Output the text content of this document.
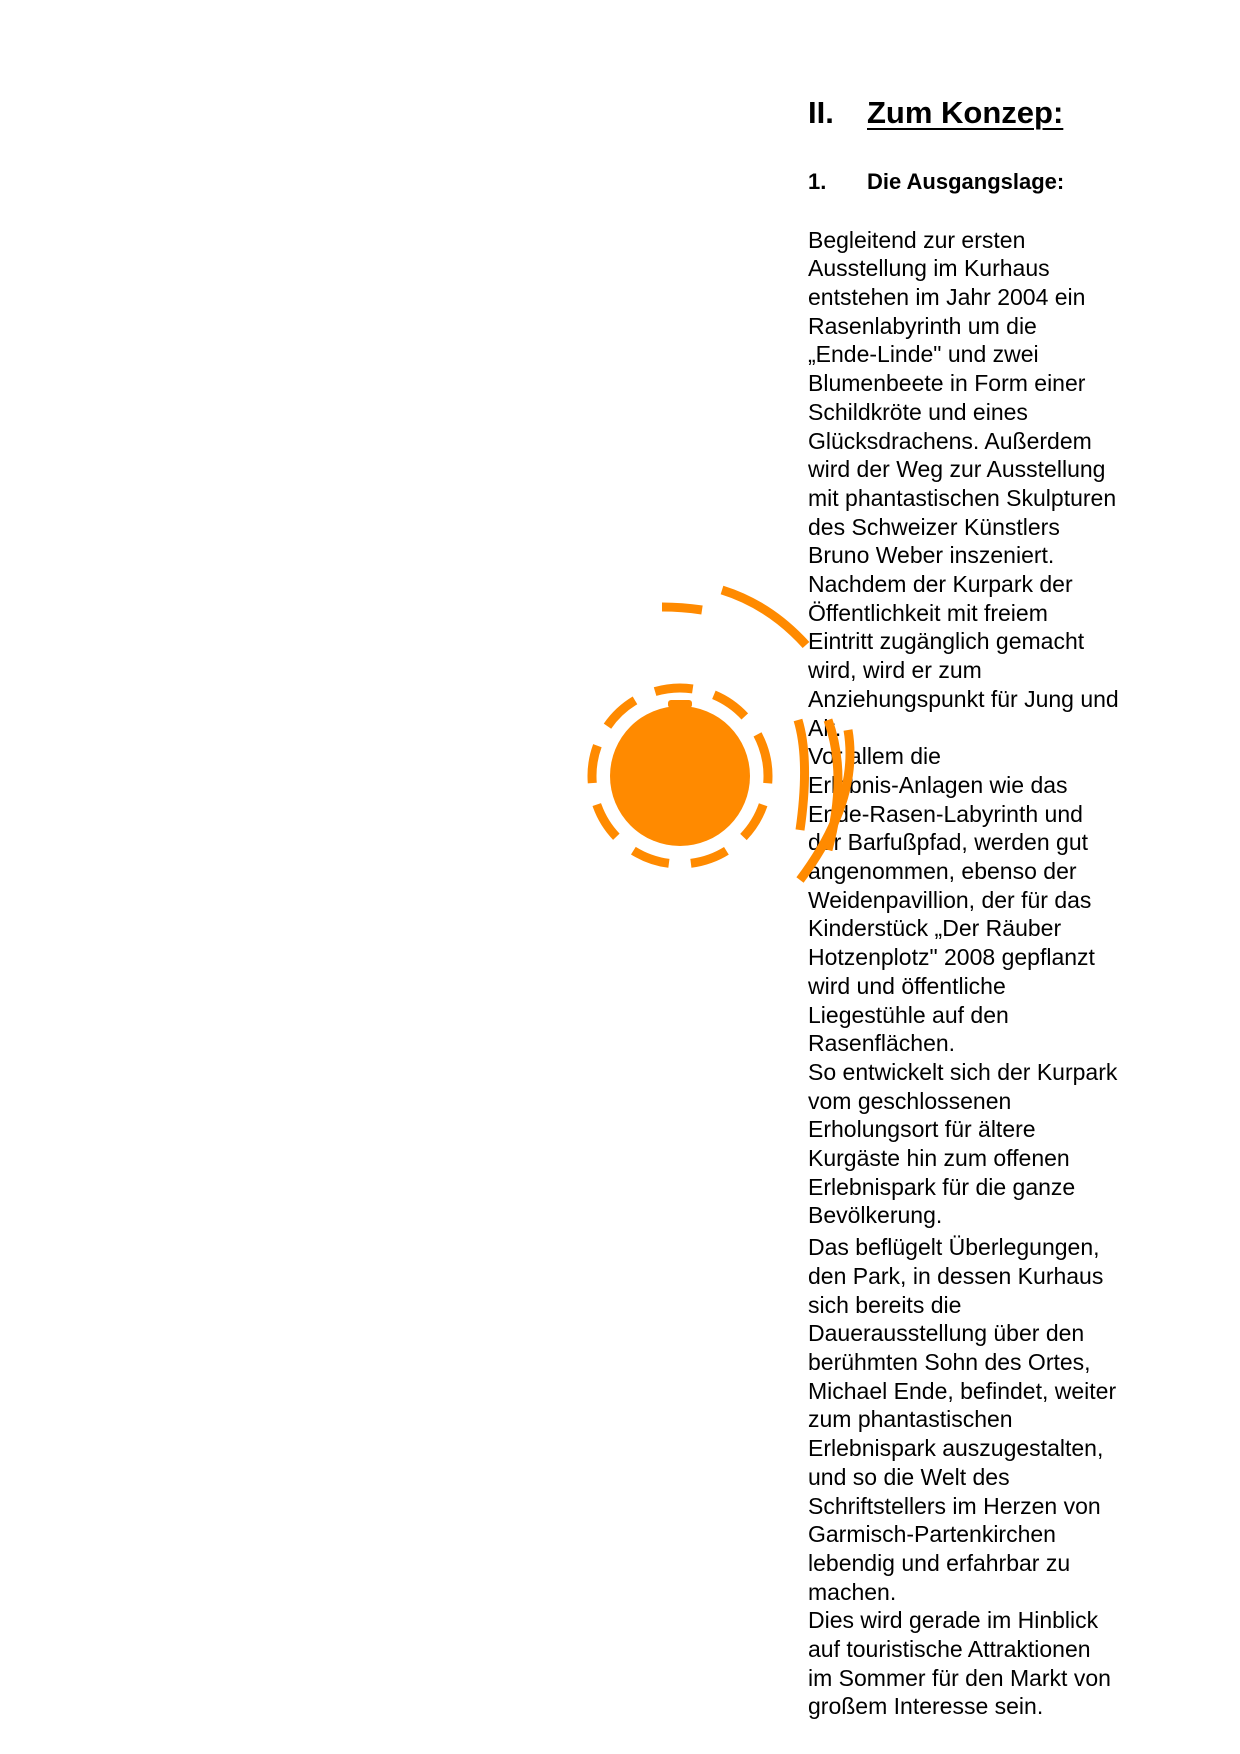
II.	Zum Konzep:
1.	Die Ausgangslage:
Begleitend zur ersten
Ausstellung im Kurhaus
entstehen im Jahr 2004 ein
Rasenlabyrinth um die
„Ende-Linde" und zwei
Blumenbeete in Form einer
Schildkröte und eines
Glücksdrachens. Außerdem
wird der Weg zur Ausstellung
mit phantastischen Skulpturen
des Schweizer Künstlers
Bruno Weber inszeniert.
Nachdem der Kurpark der
Öffentlichkeit mit freiem
Eintritt zugänglich gemacht
wird, wird er zum
Anziehungspunkt für Jung und
Alt.
Vor allem die
Erlebnis-Anlagen wie das
Ende-Rasen-Labyrinth und
der Barfußpfad, werden gut
angenommen, ebenso der
Weidenpavillion, der für das
Kinderstück „Der Räuber
Hotzenplotz" 2008 gepflanzt
wird und öffentliche
Liegestühle auf den
Rasenflächen.
So entwickelt sich der Kurpark
vom geschlossenen
Erholungsort für ältere
Kurgäste hin zum offenen
Erlebnispark für die ganze
Bevölkerung.
Das beflügelt Überlegungen,
den Park, in dessen Kurhaus
sich bereits die
Dauerausstellung über den
berühmten Sohn des Ortes,
Michael Ende, befindet, weiter
zum phantastischen
Erlebnispark auszugestalten,
und so die Welt des
Schriftstellers im Herzen von
Garmisch-Partenkirchen
lebendig und erfahrbar zu
machen.
Dies wird gerade im Hinblick
auf touristische Attraktionen
im Sommer für den Markt von
großem Interesse sein.
